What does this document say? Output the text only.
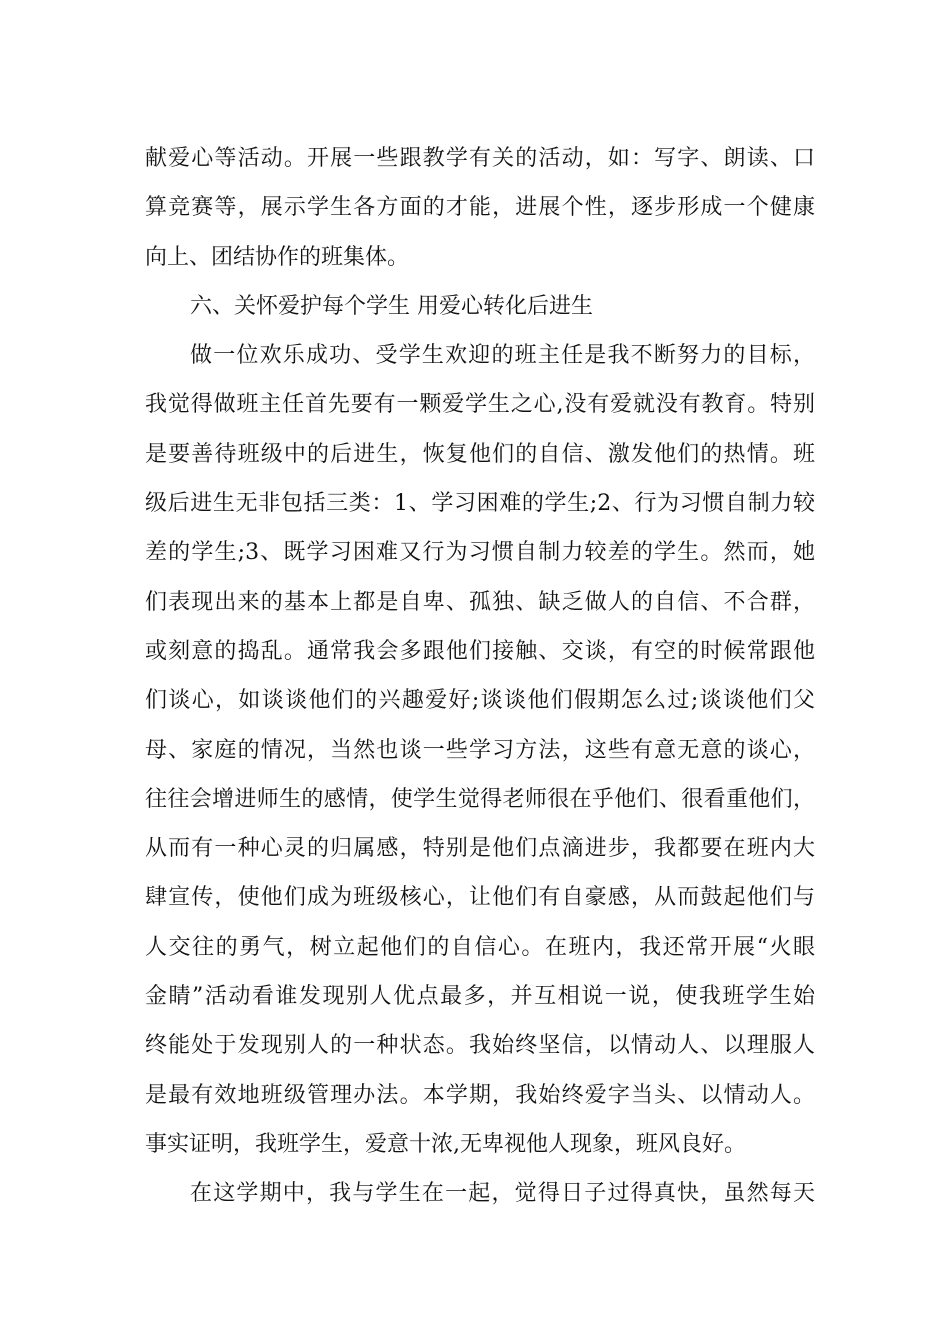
献爱心等活动。开展一些跟教学有关的活动，如：写字、朗读、口
算竞赛等，展示学生各方面的才能，进展个性，逐步形成一个健康
向上、团结协作的班集体。
六、关怀爱护每个学生 用爱心转化后进生
做一位欢乐成功、受学生欢迎的班主任是我不断努力的目标，
我觉得做班主任首先要有一颗爱学生之心,没有爱就没有教育。特别
是要善待班级中的后进生，恢复他们的自信、激发他们的热情。班
级后进生无非包括三类：1、学习困难的学生;2、行为习惯自制力较
差的学生;3、既学习困难又行为习惯自制力较差的学生。然而，她
们表现出来的基本上都是自卑、孤独、缺乏做人的自信、不合群，
或刻意的捣乱。通常我会多跟他们接触、交谈，有空的时候常跟他
们谈心，如谈谈他们的兴趣爱好;谈谈他们假期怎么过;谈谈他们父
母、家庭的情况，当然也谈一些学习方法，这些有意无意的谈心，
往往会增进师生的感情，使学生觉得老师很在乎他们、很看重他们，
从而有一种心灵的归属感，特别是他们点滴进步，我都要在班内大
肆宣传，使他们成为班级核心，让他们有自豪感，从而鼓起他们与
人交往的勇气，树立起他们的自信心。在班内，我还常开展“火眼
金睛”活动看谁发现别人优点最多，并互相说一说，使我班学生始
终能处于发现别人的一种状态。我始终坚信，以情动人、以理服人
是最有效地班级管理办法。本学期，我始终爱字当头、以情动人。
事实证明，我班学生，爱意十浓,无卑视他人现象，班风良好。
在这学期中，我与学生在一起，觉得日子过得真快，虽然每天
